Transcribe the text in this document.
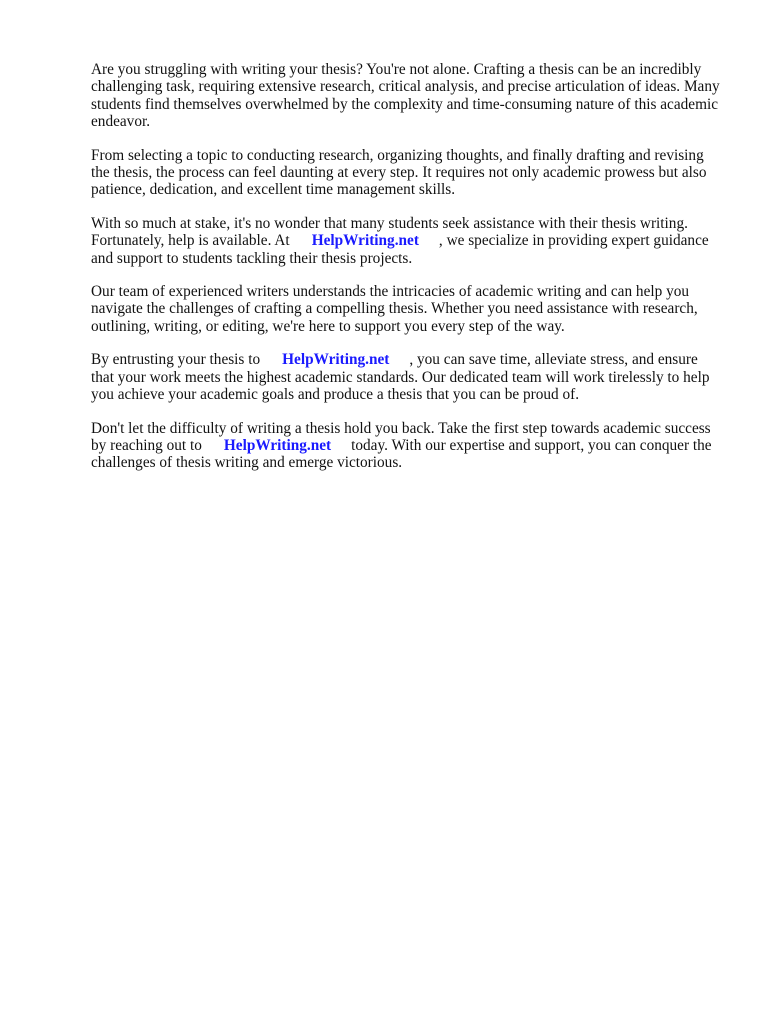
Are you struggling with writing your thesis? You're not alone. Crafting a thesis can be an incredibly challenging task, requiring extensive research, critical analysis, and precise articulation of ideas. Many students find themselves overwhelmed by the complexity and time-consuming nature of this academic endeavor.

From selecting a topic to conducting research, organizing thoughts, and finally drafting and revising the thesis, the process can feel daunting at every step. It requires not only academic prowess but also patience, dedication, and excellent time management skills.

With so much at stake, it's no wonder that many students seek assistance with their thesis writing. Fortunately, help is available. At HelpWriting.net , we specialize in providing expert guidance and support to students tackling their thesis projects.

Our team of experienced writers understands the intricacies of academic writing and can help you navigate the challenges of crafting a compelling thesis. Whether you need assistance with research, outlining, writing, or editing, we're here to support you every step of the way.

By entrusting your thesis to HelpWriting.net , you can save time, alleviate stress, and ensure that your work meets the highest academic standards. Our dedicated team will work tirelessly to help you achieve your academic goals and produce a thesis that you can be proud of.

Don't let the difficulty of writing a thesis hold you back. Take the first step towards academic success by reaching out to HelpWriting.net today. With our expertise and support, you can conquer the challenges of thesis writing and emerge victorious.
